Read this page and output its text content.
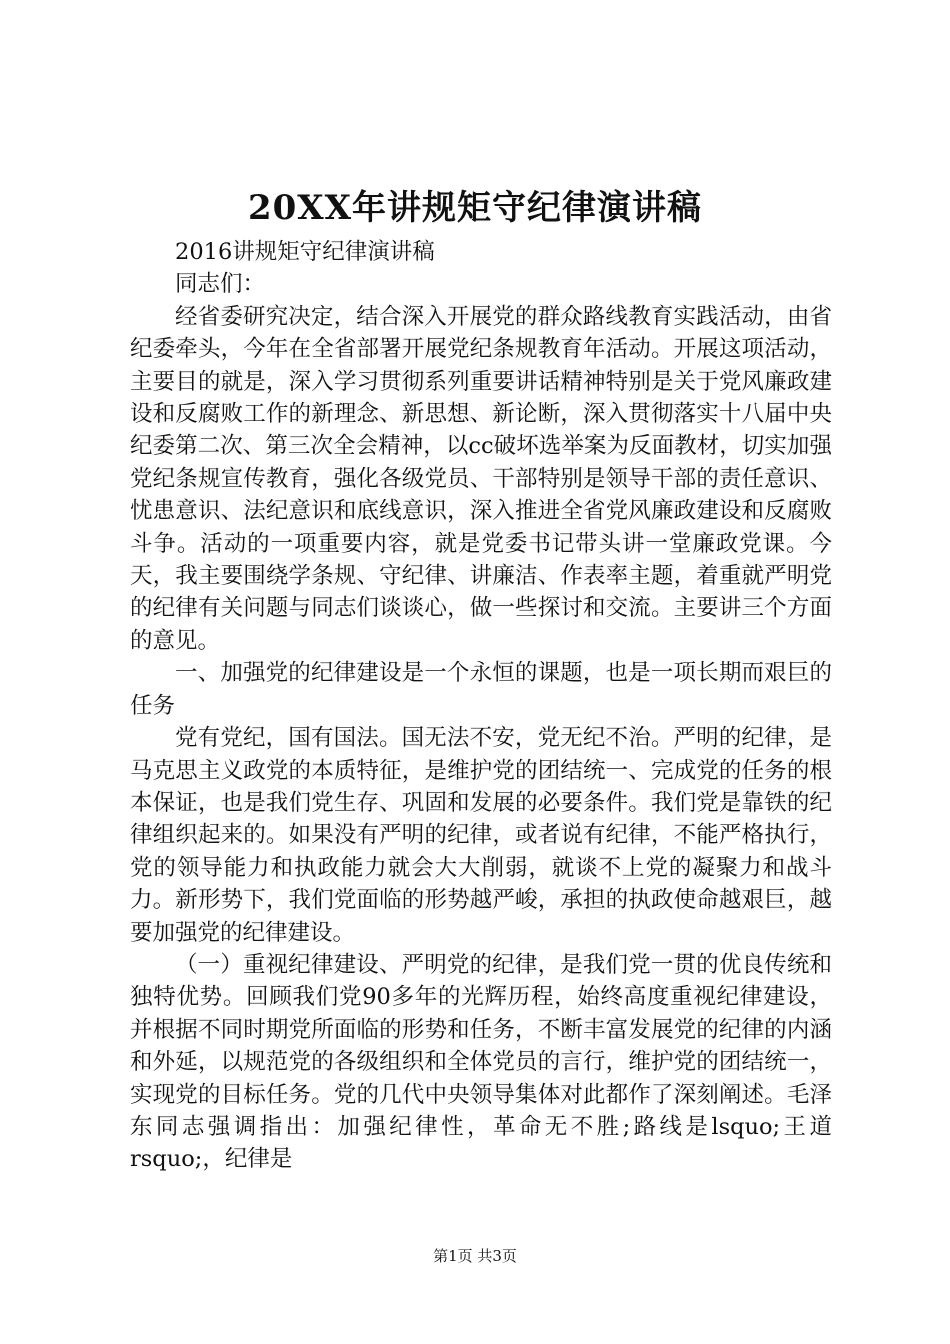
20XX年讲规矩守纪律演讲稿

2016讲规矩守纪律演讲稿

同志们：

经省委研究决定，结合深入开展党的群众路线教育实践活动，由省纪委牵头，今年在全省部署开展党纪条规教育年活动。开展这项活动，主要目的就是，深入学习贯彻系列重要讲话精神特别是关于党风廉政建设和反腐败工作的新理念、新思想、新论断，深入贯彻落实十八届中央纪委第二次、第三次全会精神，以cc破坏选举案为反面教材，切实加强党纪条规宣传教育，强化各级党员、干部特别是领导干部的责任意识、忧患意识、法纪意识和底线意识，深入推进全省党风廉政建设和反腐败斗争。活动的一项重要内容，就是党委书记带头讲一堂廉政党课。今天，我主要围绕学条规、守纪律、讲廉洁、作表率主题，着重就严明党的纪律有关问题与同志们谈谈心，做一些探讨和交流。主要讲三个方面的意见。

一、加强党的纪律建设是一个永恒的课题，也是一项长期而艰巨的任务

党有党纪，国有国法。国无法不安，党无纪不治。严明的纪律，是马克思主义政党的本质特征，是维护党的团结统一、完成党的任务的根本保证，也是我们党生存、巩固和发展的必要条件。我们党是靠铁的纪律组织起来的。如果没有严明的纪律，或者说有纪律，不能严格执行，党的领导能力和执政能力就会大大削弱，就谈不上党的凝聚力和战斗力。新形势下，我们党面临的形势越严峻，承担的执政使命越艰巨，越要加强党的纪律建设。

（一）重视纪律建设、严明党的纪律，是我们党一贯的优良传统和独特优势。回顾我们党90多年的光辉历程，始终高度重视纪律建设，并根据不同时期党所面临的形势和任务，不断丰富发展党的纪律的内涵和外延，以规范党的各级组织和全体党员的言行，维护党的团结统一，实现党的目标任务。党的几代中央领导集体对此都作了深刻阐述。毛泽东同志强调指出：加强纪律性，革命无不胜;路线是lsquo;王道rsquo;，纪律是

第1页 共3页
